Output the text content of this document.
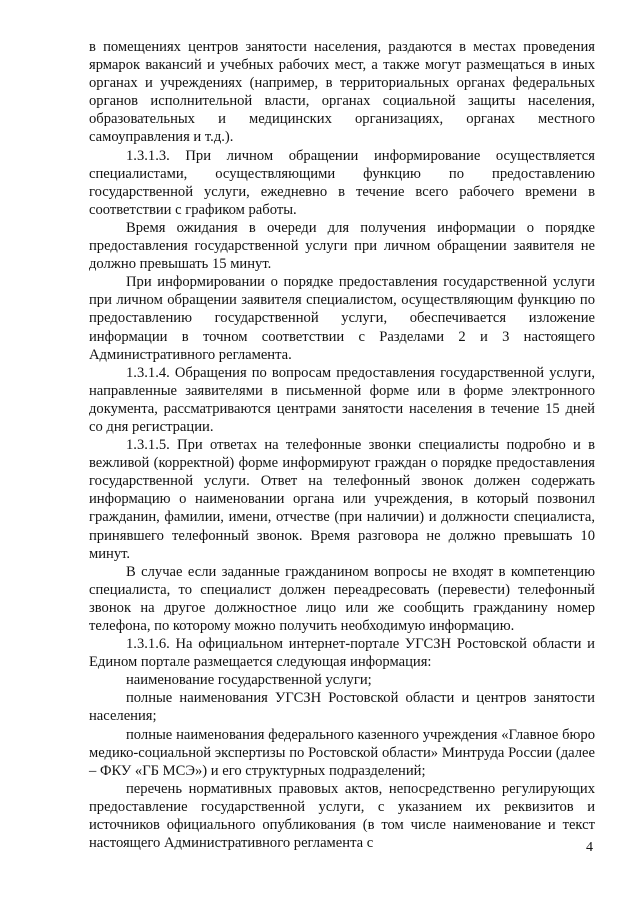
в помещениях центров занятости населения, раздаются в местах проведения ярмарок вакансий и учебных рабочих мест, а также могут размещаться в иных органах и учреждениях (например, в территориальных органах федеральных органов исполнительной власти, органах социальной защиты населения, образовательных и медицинских организациях, органах местного самоуправления и т.д.).

1.3.1.3. При личном обращении информирование осуществляется специалистами, осуществляющими функцию по предоставлению государственной услуги, ежедневно в течение всего рабочего времени в соответствии с графиком работы.

Время ожидания в очереди для получения информации о порядке предоставления государственной услуги при личном обращении заявителя не должно превышать 15 минут.

При информировании о порядке предоставления государственной услуги при личном обращении заявителя специалистом, осуществляющим функцию по предоставлению государственной услуги, обеспечивается изложение информации в точном соответствии с Разделами 2 и 3 настоящего Административного регламента.

1.3.1.4. Обращения по вопросам предоставления государственной услуги, направленные заявителями в письменной форме или в форме электронного документа, рассматриваются центрами занятости населения в течение 15 дней со дня регистрации.

1.3.1.5. При ответах на телефонные звонки специалисты подробно и в вежливой (корректной) форме информируют граждан о порядке предоставления государственной услуги. Ответ на телефонный звонок должен содержать информацию о наименовании органа или учреждения, в который позвонил гражданин, фамилии, имени, отчестве (при наличии) и должности специалиста, принявшего телефонный звонок. Время разговора не должно превышать 10 минут.

В случае если заданные гражданином вопросы не входят в компетенцию специалиста, то специалист должен переадресовать (перевести) телефонный звонок на другое должностное лицо или же сообщить гражданину номер телефона, по которому можно получить необходимую информацию.

1.3.1.6. На официальном интернет-портале УГСЗН Ростовской области и Едином портале размещается следующая информация:

наименование государственной услуги;

полные наименования УГСЗН Ростовской области и центров занятости населения;

полные наименования федерального казенного учреждения «Главное бюро медико-социальной экспертизы по Ростовской области» Минтруда России (далее – ФКУ «ГБ МСЭ») и его структурных подразделений;

перечень нормативных правовых актов, непосредственно регулирующих предоставление государственной услуги, с указанием их реквизитов и источников официального опубликования (в том числе наименование и текст настоящего Административного регламента с	4
